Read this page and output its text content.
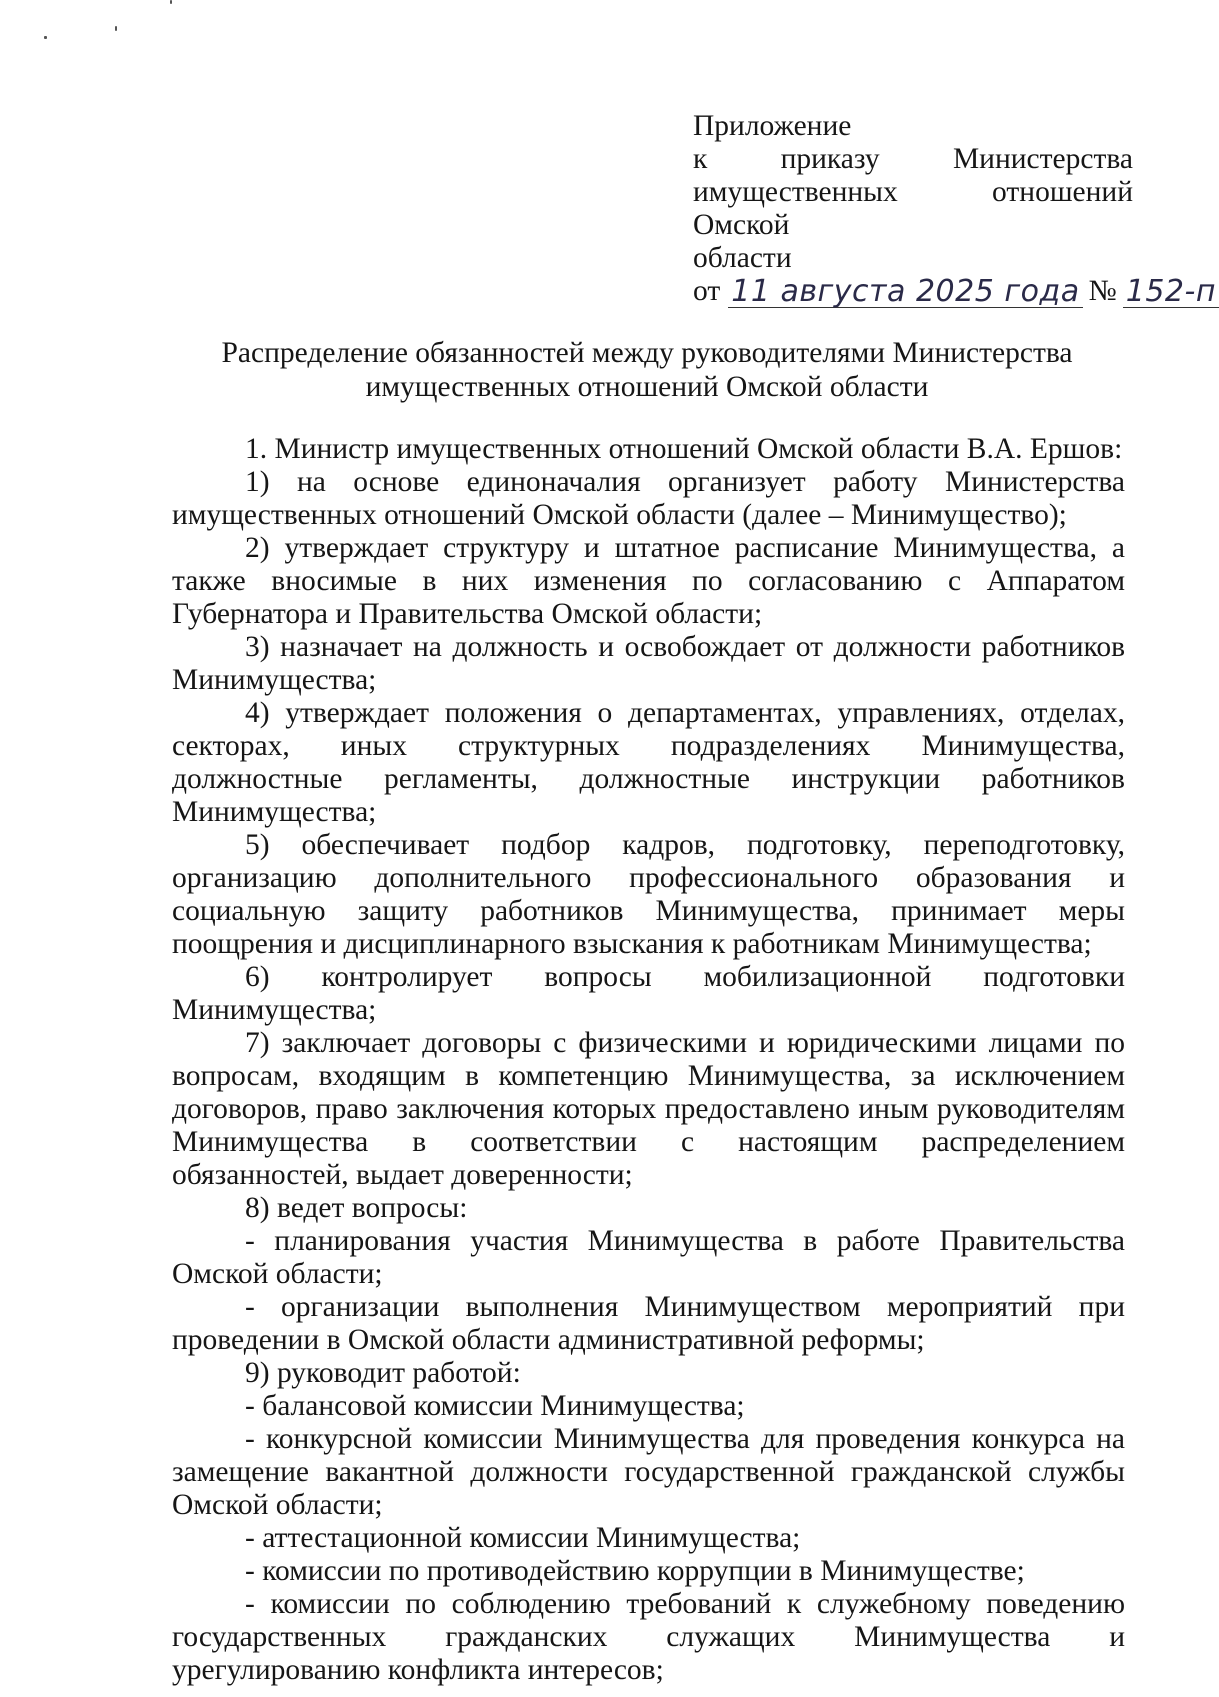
Приложение
к приказу Министерства
имущественных отношений Омской
области
от 11 августа 2025 года № 152-п
Распределение обязанностей между руководителями Министерства
имущественных отношений Омской области

1. Министр имущественных отношений Омской области В.А. Ершов:

1) на основе единоначалия организует работу Министерства имущественных отношений Омской области (далее – Минимущество);

2) утверждает структуру и штатное расписание Минимущества, а также вносимые в них изменения по согласованию с Аппаратом Губернатора и Правительства Омской области;

3) назначает на должность и освобождает от должности работников Минимущества;

4) утверждает положения о департаментах, управлениях, отделах, секторах, иных структурных подразделениях Минимущества, должностные регламенты, должностные инструкции работников Минимущества;

5) обеспечивает подбор кадров, подготовку, переподготовку, организацию дополнительного профессионального образования и социальную защиту работников Минимущества, принимает меры поощрения и дисциплинарного взыскания к работникам Минимущества;

6) контролирует вопросы мобилизационной подготовки Минимущества;

7) заключает договоры с физическими и юридическими лицами по вопросам, входящим в компетенцию Минимущества, за исключением договоров, право заключения которых предоставлено иным руководителям Минимущества в соответствии с настоящим распределением обязанностей, выдает доверенности;

8) ведет вопросы:

- планирования участия Минимущества в работе Правительства Омской области;

- организации выполнения Минимуществом мероприятий при проведении в Омской области административной реформы;

9) руководит работой:

- балансовой комиссии Минимущества;

- конкурсной комиссии Минимущества для проведения конкурса на замещение вакантной должности государственной гражданской службы Омской области;

- аттестационной комиссии Минимущества;

- комиссии по противодействию коррупции в Минимуществе;

- комиссии по соблюдению требований к служебному поведению государственных гражданских служащих Минимущества и урегулированию конфликта интересов;
